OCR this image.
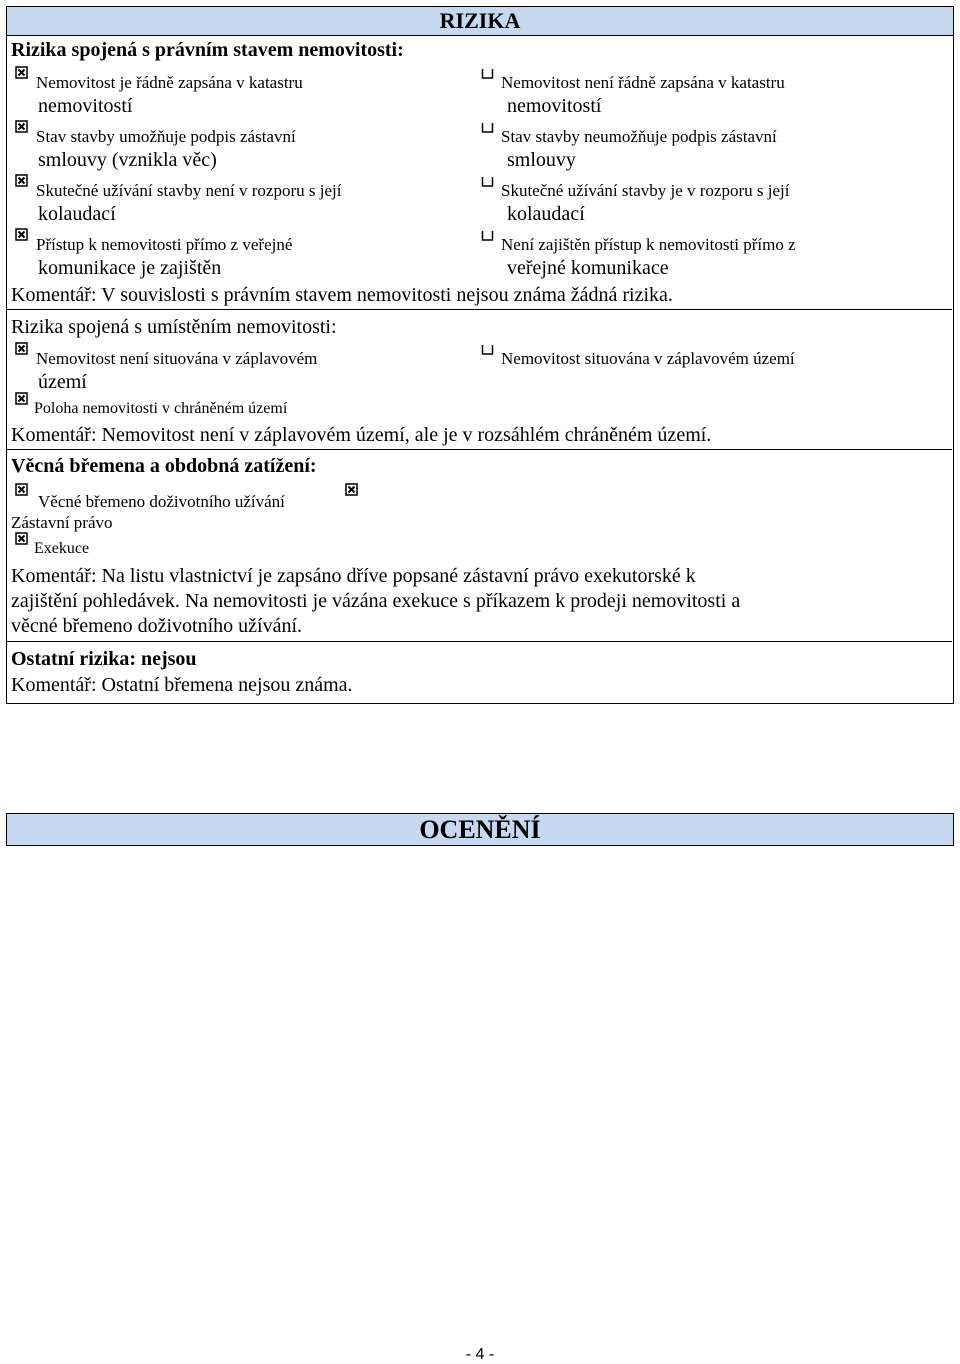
RIZIKA
Rizika spojená s právním stavem nemovitosti:
Nemovitost je řádně zapsána v katastru
nemovitostí
Nemovitost není řádně zapsána v katastru
nemovitostí
Stav stavby umožňuje podpis zástavní
smlouvy (vznikla věc)
Stav stavby neumožňuje podpis zástavní
smlouvy
Skutečné užívání stavby není v rozporu s její
kolaudací
Skutečné užívání stavby je v rozporu s její
kolaudací
Přístup k nemovitosti přímo z veřejné
komunikace je zajištěn
Není zajištěn přístup k nemovitosti přímo z
veřejné komunikace
Komentář: V souvislosti s právním stavem nemovitosti nejsou známa žádná rizika.
Rizika spojená s umístěním nemovitosti:
Nemovitost není situována v záplavovém
území
Nemovitost situována v záplavovém území
Poloha nemovitosti v chráněném území
Komentář: Nemovitost není v záplavovém území, ale je v rozsáhlém chráněném území.
Věcná břemena a obdobná zatížení:
Věcné břemeno doživotního užívání
Zástavní právo
Exekuce
Komentář: Na listu vlastnictví je zapsáno dříve popsané zástavní právo exekutorské k
zajištění pohledávek. Na nemovitosti je vázána exekuce s příkazem k prodeji nemovitosti a
věcné břemeno doživotního užívání.
Ostatní rizika: nejsou
Komentář: Ostatní břemena nejsou známa.
OCENĚNÍ
- 4 -
